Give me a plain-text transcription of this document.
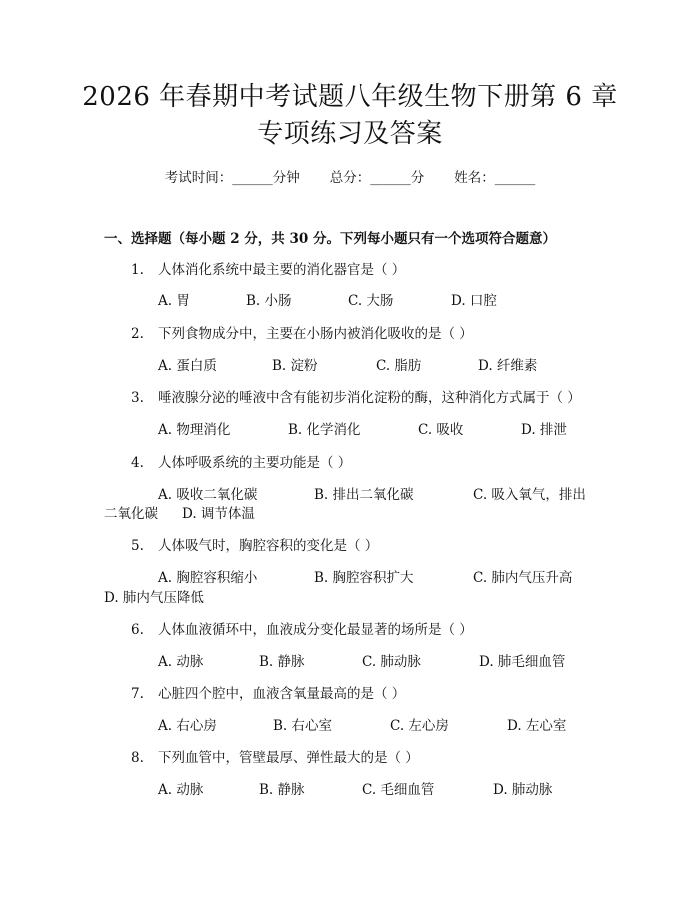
2026 年春期中考试题八年级生物下册第 6 章
专项练习及答案
考试时间：______分钟 总分：______分 姓名：______
一、选择题（每小题 2 分，共 30 分。下列每小题只有一个选项符合题意）
1. 人体消化系统中最主要的消化器官是（ ）
A. 胃	B. 小肠	C. 大肠	D. 口腔
2. 下列食物成分中，主要在小肠内被消化吸收的是（ ）
A. 蛋白质	B. 淀粉	C. 脂肪	D. 纤维素
3. 唾液腺分泌的唾液中含有能初步消化淀粉的酶，这种消化方式属于（ ）
A. 物理消化	B. 化学消化	C. 吸收	D. 排泄
4. 人体呼吸系统的主要功能是（ ）
A. 吸收二氧化碳	B. 排出二氧化碳	C. 吸入氧气，排出
二氧化碳 D. 调节体温
5. 人体吸气时，胸腔容积的变化是（ ）
A. 胸腔容积缩小	B. 胸腔容积扩大	C. 肺内气压升高
D. 肺内气压降低
6. 人体血液循环中，血液成分变化最显著的场所是（ ）
A. 动脉	B. 静脉	C. 肺动脉	D. 肺毛细血管
7. 心脏四个腔中，血液含氧量最高的是（ ）
A. 右心房	B. 右心室	C. 左心房	D. 左心室
8. 下列血管中，管壁最厚、弹性最大的是（ ）
A. 动脉	B. 静脉	C. 毛细血管	D. 肺动脉
